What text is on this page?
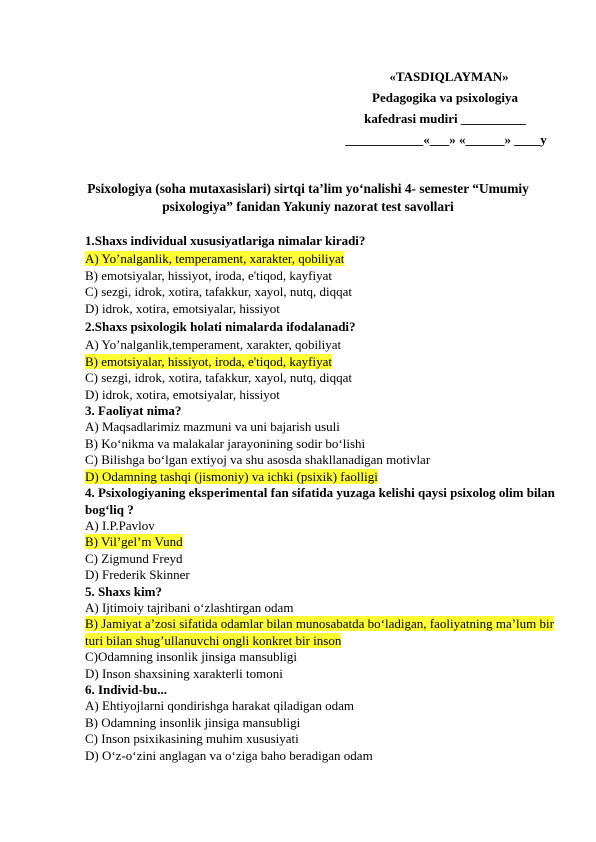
«TASDIQLAYMAN»
Pedagogika va psixologiya
kafedrasi mudiri __________
____________«___» «______» ____y
Psixologiya (soha mutaxasislari) sirtqi ta’lim yo‘nalishi 4- semester “Umumiy psixologiya” fanidan Yakuniy nazorat test savollari

1.Shaxs individual xususiyatlariga nimalar kiradi?

A) Yo’nalganlik, temperament, xarakter, qobiliyat

B) emotsiyalar, hissiyot, iroda, e'tiqod, kayfiyat

C) sezgi, idrok, xotira, tafakkur, xayol, nutq, diqqat

D) idrok, xotira, emotsiyalar, hissiyot

2.Shaxs psixologik holati nimalarda ifodalanadi?

A) Yo’nalganlik,temperament, xarakter, qobiliyat

B) emotsiyalar, hissiyot, iroda, e'tiqod, kayfiyat

C) sezgi, idrok, xotira, tafakkur, xayol, nutq, diqqat

D) idrok, xotira, emotsiyalar, hissiyot

3. Faoliyat nima?

A) Maqsadlarimiz mazmuni va uni bajarish usuli

B) Ko‘nikma va malakalar jarayonining sodir bo‘lishi

C) Bilishga bo‘lgan extiyoj va shu asosda shakllanadigan motivlar

D) Odamning tashqi (jismoniy) va ichki (psixik) faolligi

4. Psixologiyaning eksperimental fan sifatida yuzaga kelishi qaysi psixolog olim bilan bog‘liq ?

A) I.P.Pavlov

B) Vil’gel’m Vund

C) Zigmund Freyd

D) Frederik Skinner

5. Shaxs kim?

A) Ijtimoiy tajribani o‘zlashtirgan odam

B) Jamiyat a’zosi sifatida odamlar bilan munosabatda bo‘ladigan, faoliyatning ma’lum bir turi bilan shug’ullanuvchi ongli konkret bir inson

C)Odamning insonlik jinsiga mansubligi

D) Inson shaxsining xarakterli tomoni

6. Individ-bu...

A) Ehtiyojlarni qondirishga harakat qiladigan odam

B) Odamning insonlik jinsiga mansubligi

C) Inson psixikasining muhim xususiyati

D) O‘z-o‘zini anglagan va o‘ziga baho beradigan odam
